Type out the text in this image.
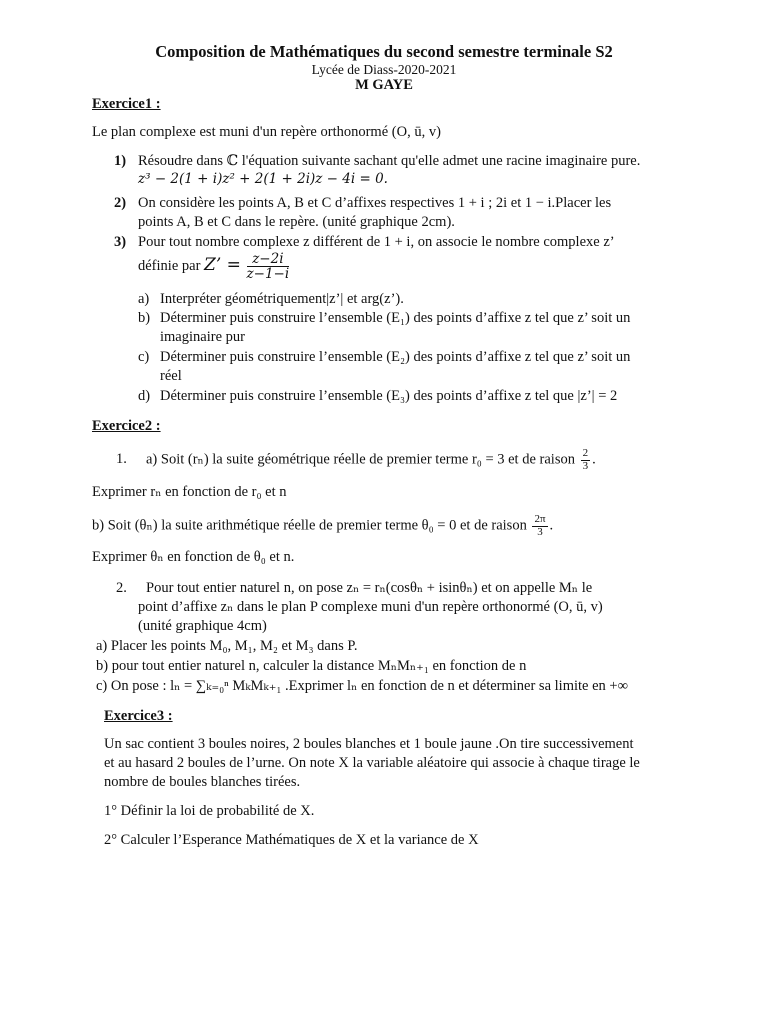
Composition de Mathématiques du second semestre terminale S2
Lycée de Diass-2020-2021
M GAYE
Exercice1 :
Le plan complexe est muni d'un repère orthonormé (O, ū, v)
1) Résoudre dans ℂ l'équation suivante sachant qu'elle admet une racine imaginaire pure.
z³ − 2(1 + i)z² + 2(1 + 2i)z − 4i = 0.
2) On considère les points A, B et C d’affixes respectives 1 + i ; 2i et 1 − i.Placer les
points A, B et C dans le repère. (unité graphique 2cm).
3) Pour tout nombre complexe z différent de 1 + i, on associe le nombre complexe z’
définie par Z’ = $\frac{z-2i}{z-1-i}$
a) Interpréter géométriquement|z’| et arg(z’).
b) Déterminer puis construire l’ensemble (E₁) des points d’affixe z tel que z’ soit un
imaginaire pur
c) Déterminer puis construire l’ensemble (E₂) des points d’affixe z tel que z’ soit un
réel
d) Déterminer puis construire l’ensemble (E₃) des points d’affixe z tel que |z’| = 2
Exercice2 :
1. a) Soit (rₙ) la suite géométrique réelle de premier terme r₀ = 3 et de raison $\frac{2}{3}$ .
Exprimer rₙ en fonction de r₀ et n
b) Soit (θₙ) la suite arithmétique réelle de premier terme θ₀ = 0 et de raison $\frac{2\pi}{3}$ .
Exprimer θₙ en fonction de θ₀ et n.
2. Pour tout entier naturel n, on pose zₙ = rₙ(cosθₙ + isinθₙ) et on appelle Mₙ le
point d’affixe zₙ dans le plan P complexe muni d'un repère orthonormé (O, ū, v)
(unité graphique 4cm)
a) Placer les points M₀, M₁, M₂ et M₃ dans P.
b) pour tout entier naturel n, calculer la distance MₙMₙ₊₁ en fonction de n
c) On pose : lₙ = ∑ₖ₌₀ⁿ MₖMₖ₊₁ .Exprimer lₙ en fonction de n et déterminer sa limite en +∞
Exercice3 :
Un sac contient 3 boules noires, 2 boules blanches et 1 boule jaune .On tire successivement
et au hasard 2 boules de l’urne. On note X la variable aléatoire qui associe à chaque tirage le
nombre de boules blanches tirées.
1° Définir la loi de probabilité de X.
2° Calculer l’Esperance Mathématiques de X et la variance de X
